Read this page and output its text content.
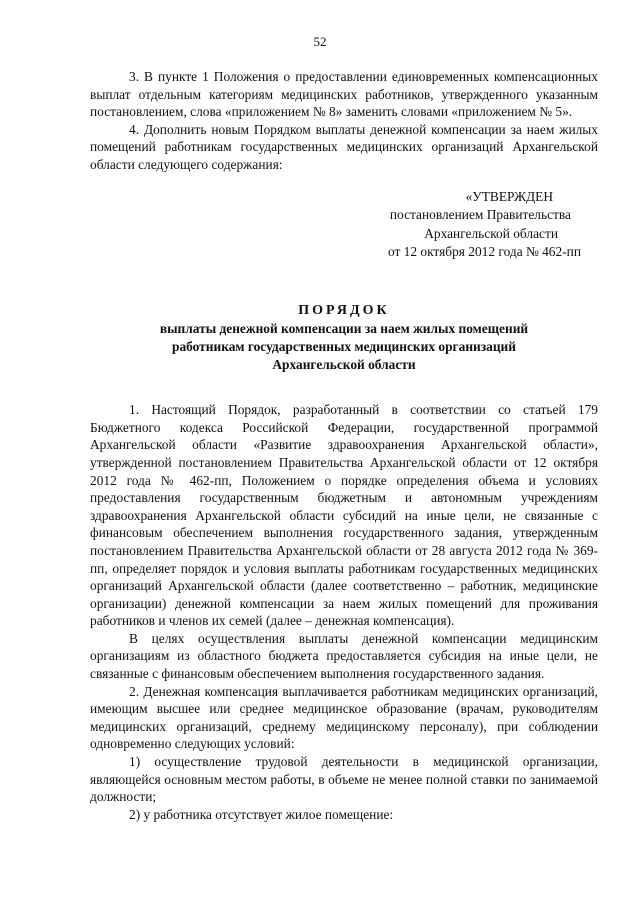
52

3. В пункте 1 Положения о предоставлении единовременных компенсационных выплат отдельным категориям медицинских работников, утвержденного указанным постановлением, слова «приложением № 8» заменить словами «приложением № 5».

4. Дополнить новым Порядком выплаты денежной компенсации за наем жилых помещений работникам государственных медицинских организаций Архангельской области следующего содержания:

«УТВЕРЖДЕН
постановлением Правительства
Архангельской области
от 12 октября 2012 года № 462-пп
ПОРЯДОК
выплаты денежной компенсации за наем жилых помещений
работникам государственных медицинских организаций
Архангельской области

1. Настоящий Порядок, разработанный в соответствии со статьей 179 Бюджетного кодекса Российской Федерации, государственной программой Архангельской области «Развитие здравоохранения Архангельской области», утвержденной постановлением Правительства Архангельской области от 12 октября 2012 года № 462-пп, Положением о порядке определения объема и условиях предоставления государственным бюджетным и автономным учреждениям здравоохранения Архангельской области субсидий на иные цели, не связанные с финансовым обеспечением выполнения государственного задания, утвержденным постановлением Правительства Архангельской области от 28 августа 2012 года № 369-пп, определяет порядок и условия выплаты работникам государственных медицинских организаций Архангельской области (далее соответственно – работник, медицинские организации) денежной компенсации за наем жилых помещений для проживания работников и членов их семей (далее – денежная компенсация).

В целях осуществления выплаты денежной компенсации медицинским организациям из областного бюджета предоставляется субсидия на иные цели, не связанные с финансовым обеспечением выполнения государственного задания.

2. Денежная компенсация выплачивается работникам медицинских организаций, имеющим высшее или среднее медицинское образование (врачам, руководителям медицинских организаций, среднему медицинскому персоналу), при соблюдении одновременно следующих условий:

1) осуществление трудовой деятельности в медицинской организации, являющейся основным местом работы, в объеме не менее полной ставки по занимаемой должности;

2) у работника отсутствует жилое помещение:
